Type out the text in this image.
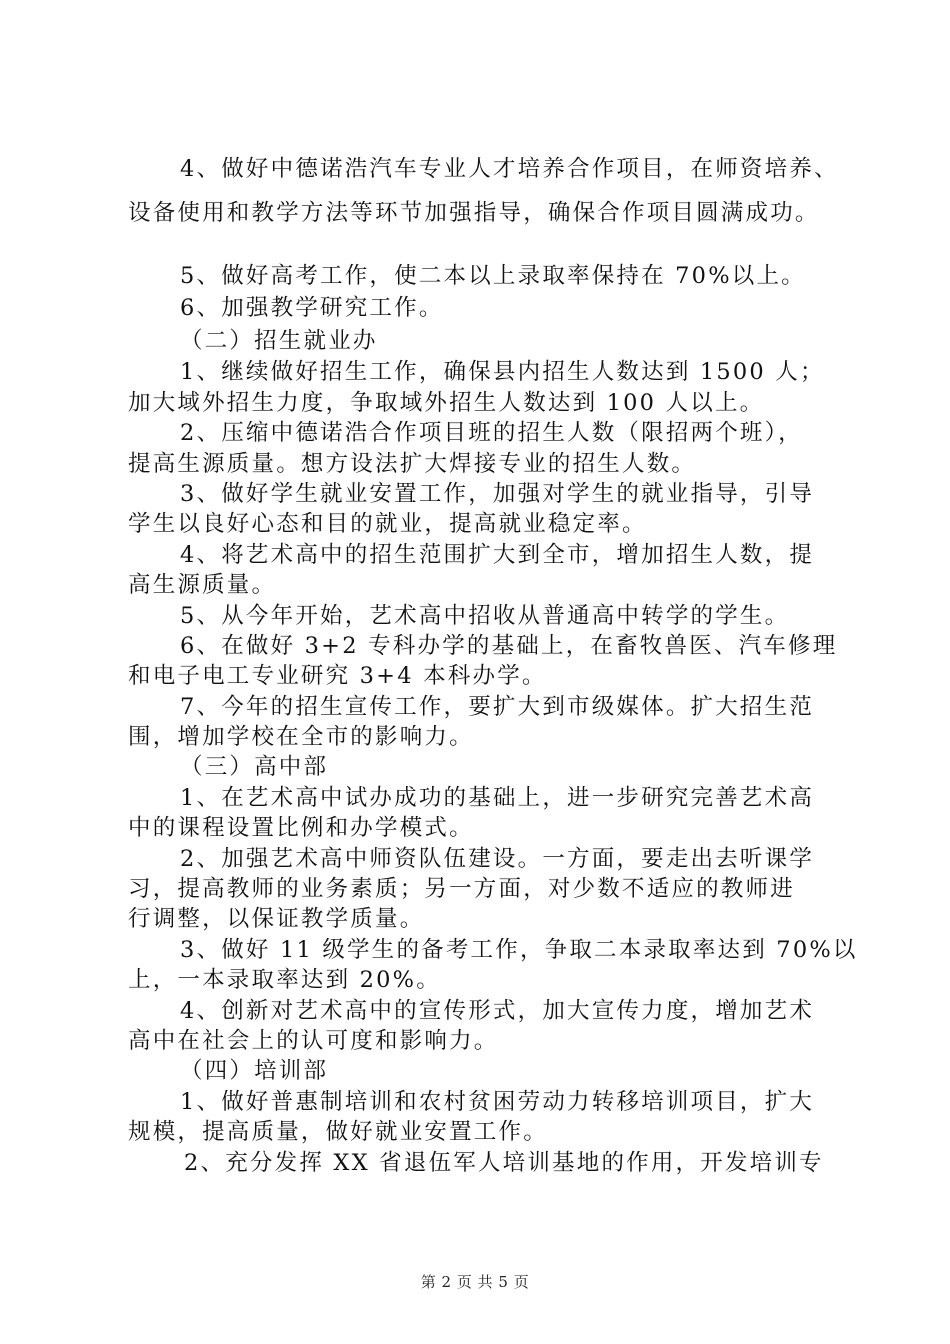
4、做好中德诺浩汽车专业人才培养合作项目，在师资培养、
设备使用和教学方法等环节加强指导，确保合作项目圆满成功。
5、做好高考工作，使二本以上录取率保持在 70%以上。
6、加强教学研究工作。
（二）招生就业办
1、继续做好招生工作，确保县内招生人数达到 1500 人；
加大域外招生力度，争取域外招生人数达到 100 人以上。
2、压缩中德诺浩合作项目班的招生人数（限招两个班），
提高生源质量。想方设法扩大焊接专业的招生人数。
3、做好学生就业安置工作，加强对学生的就业指导，引导
学生以良好心态和目的就业，提高就业稳定率。
4、将艺术高中的招生范围扩大到全市，增加招生人数，提
高生源质量。
5、从今年开始，艺术高中招收从普通高中转学的学生。
6、在做好 3+2 专科办学的基础上，在畜牧兽医、汽车修理
和电子电工专业研究 3+4 本科办学。
7、今年的招生宣传工作，要扩大到市级媒体。扩大招生范
围，增加学校在全市的影响力。
（三）高中部
1、在艺术高中试办成功的基础上，进一步研究完善艺术高
中的课程设置比例和办学模式。
2、加强艺术高中师资队伍建设。一方面，要走出去听课学
习，提高教师的业务素质；另一方面，对少数不适应的教师进
行调整，以保证教学质量。
3、做好 11 级学生的备考工作，争取二本录取率达到 70%以
上，一本录取率达到 20%。
4、创新对艺术高中的宣传形式，加大宣传力度，增加艺术
高中在社会上的认可度和影响力。
（四）培训部
1、做好普惠制培训和农村贫困劳动力转移培训项目，扩大
规模，提高质量，做好就业安置工作。
2、充分发挥 XX 省退伍军人培训基地的作用，开发培训专
第 2 页 共 5 页
